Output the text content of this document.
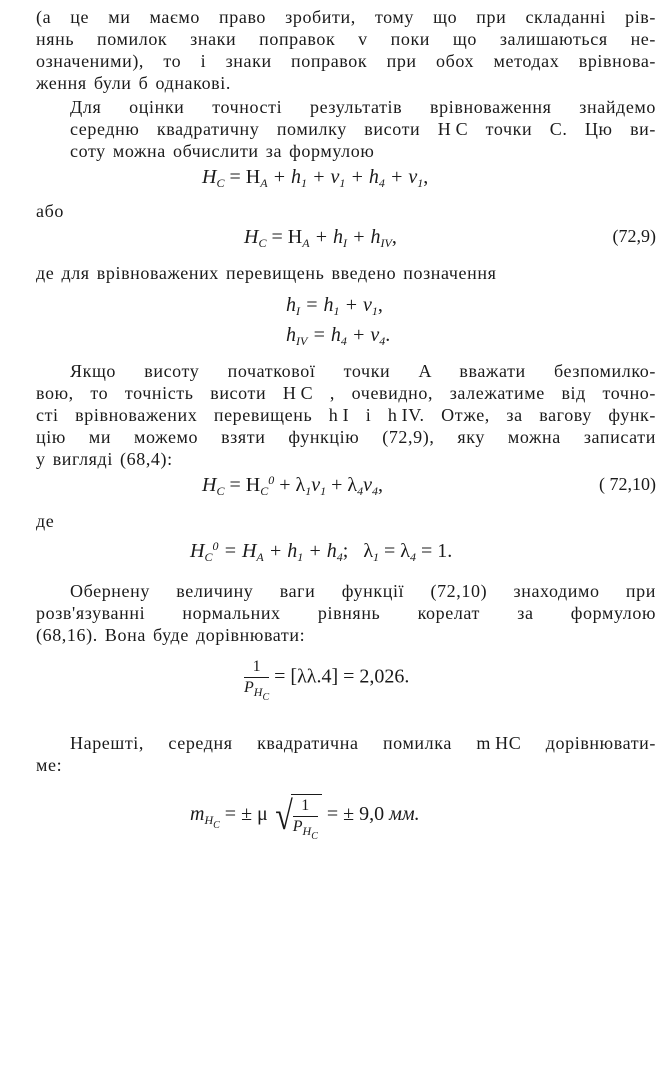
(а це ми маємо право зробити, тому що при складанні рів-
нянь помилок знаки поправок v поки що залишаються не-
означеними), то і знаки поправок при обох методах врівнова-
ження були б однакові.
Для оцінки точності результатів врівноваження знайдемо
середню квадратичну помилку висоти H C точки C. Цю ви-
соту можна обчислити за формулою
$H_C = H_A + h_1 + v_1 + h_4 + v_1$,
або
$H_C = H_A + h_I + h_{IV}$,	(72,9)
де для врівноважених перевищень введено позначення
$h_I = h_1 + v_1$,
$h_{IV} = h_4 + v_4$.
Якщо висоту початкової точки A вважати безпомилко-
вою, то точність висоти H C , очевидно, залежатиме від точно-
сті врівноважених перевищень h I і h IV. Отже, за вагову функ-
цію ми можемо взяти функцію (72,9), яку можна записати
у вигляді (68,4):
$H_C = H_C^0 + \lambda_1v_1 + \lambda_4v_4$,	( 72,10)
де
$H_C^0 = H_A + h_1 + h_4$; $\lambda_1 = \lambda_4 = 1$.
Обернену величину ваги функції (72,10) знаходимо при
розв'язуванні нормальних рівнянь корелат за формулою
(68,16). Вона буде дорівнювати:
$\frac{1}{P_{H_C}} = [\lambda\lambda.4] = 2,026$.
Нарешті, середня квадратична помилка m HC дорівнювати-
ме:
$m_{H_C}$ = ± μ √ $\frac{1}{P_{H_C}}$ = ± 9,0 мм.
